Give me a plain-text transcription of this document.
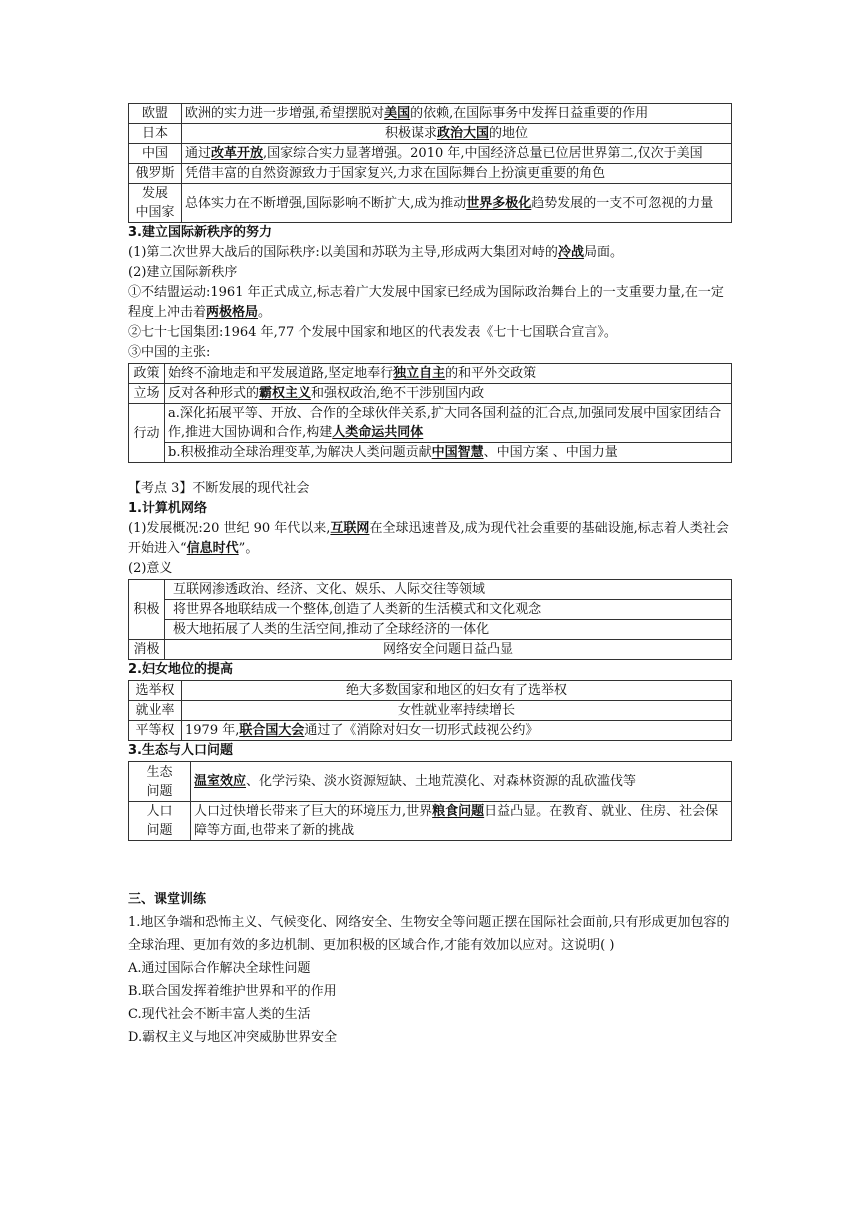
欧盟	欧洲的实力进一步增强,希望摆脱对美国的依赖,在国际事务中发挥日益重要的作用
日本	积极谋求政治大国的地位
中国	通过改革开放,国家综合实力显著增强。2010 年,中国经济总量已位居世界第二,仅次于美国
俄罗斯	凭借丰富的自然资源致力于国家复兴,力求在国际舞台上扮演更重要的角色
发展
中国家	总体实力在不断增强,国际影响不断扩大,成为推动世界多极化趋势发展的一支不可忽视的力量
3.建立国际新秩序的努力
(1)第二次世界大战后的国际秩序:以美国和苏联为主导,形成两大集团对峙的冷战局面。
(2)建立国际新秩序
①不结盟运动:1961 年正式成立,标志着广大发展中国家已经成为国际政治舞台上的一支重要力量,在一定程度上冲击着两极格局。
②七十七国集团:1964 年,77 个发展中国家和地区的代表发表《七十七国联合宣言》。
③中国的主张:
政策	始终不渝地走和平发展道路,坚定地奉行独立自主的和平外交政策
立场	反对各种形式的霸权主义和强权政治,绝不干涉别国内政
行动	a.深化拓展平等、开放、合作的全球伙伴关系,扩大同各国利益的汇合点,加强同发展中国家团结合作,推进大国协调和合作,构建人类命运共同体
	b.积极推动全球治理变革,为解决人类问题贡献中国智慧、中国方案 、中国力量
【考点 3】不断发展的现代社会
1.计算机网络
(1)发展概况:20 世纪 90 年代以来,互联网在全球迅速普及,成为现代社会重要的基础设施,标志着人类社会开始进入“信息时代”。
(2)意义
积极	互联网渗透政治、经济、文化、娱乐、人际交往等领域
	将世界各地联结成一个整体,创造了人类新的生活模式和文化观念
	极大地拓展了人类的生活空间,推动了全球经济的一体化
消极	网络安全问题日益凸显
2.妇女地位的提高
选举权	绝大多数国家和地区的妇女有了选举权
就业率	女性就业率持续增长
平等权	1979 年,联合国大会通过了《消除对妇女一切形式歧视公约》
3.生态与人口问题
生态
问题	温室效应、化学污染、淡水资源短缺、土地荒漠化、对森林资源的乱砍滥伐等
人口
问题	人口过快增长带来了巨大的环境压力,世界粮食问题日益凸显。在教育、就业、住房、社会保障等方面,也带来了新的挑战
三、课堂训练
1.地区争端和恐怖主义、气候变化、网络安全、生物安全等问题正摆在国际社会面前,只有形成更加包容的全球治理、更加有效的多边机制、更加积极的区域合作,才能有效加以应对。这说明( )
A.通过国际合作解决全球性问题
B.联合国发挥着维护世界和平的作用
C.现代社会不断丰富人类的生活
D.霸权主义与地区冲突威胁世界安全
